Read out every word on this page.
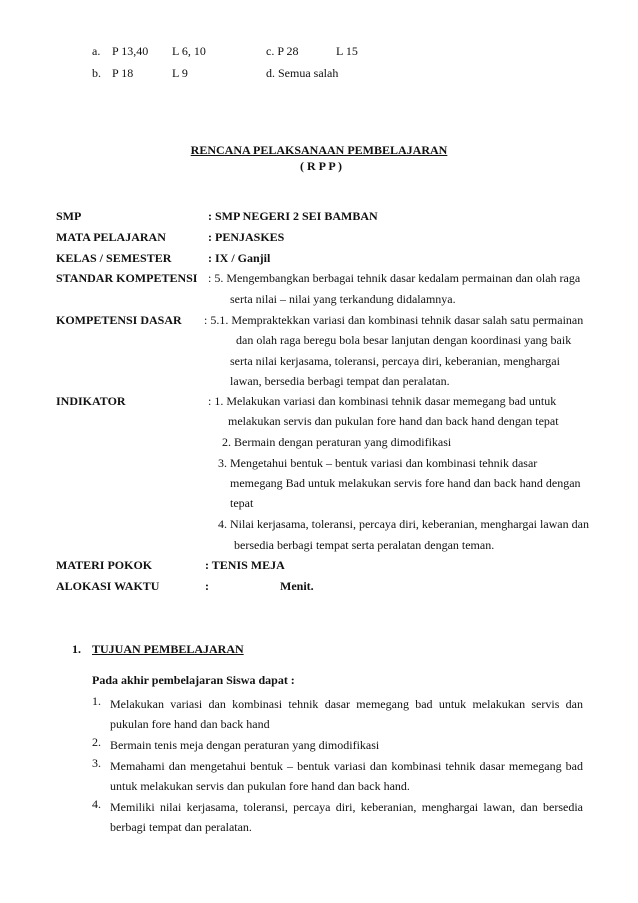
a. P 13,40 L 6, 10	c. P 28	L 15
b. P 18	L 9	d. Semua salah
RENCANA PELAKSANAAN PEMBELAJARAN
( R P P )
SMP	: SMP NEGERI 2 SEI BAMBAN
MATA PELAJARAN	: PENJASKES
KELAS / SEMESTER	: IX / Ganjil
STANDAR KOMPETENSI : 5. Mengembangkan berbagai tehnik dasar kedalam permainan dan olah raga
serta nilai – nilai yang terkandung didalamnya.
KOMPETENSI DASAR : 5.1. Mempraktekkan variasi dan kombinasi tehnik dasar salah satu permainan
dan olah raga beregu bola besar lanjutan dengan koordinasi yang baik
serta nilai kerjasama, toleransi, percaya diri, keberanian, menghargai
lawan, bersedia berbagi tempat dan peralatan.
INDIKATOR	: 1. Melakukan variasi dan kombinasi tehnik dasar memegang bad untuk
melakukan servis dan pukulan fore hand dan back hand dengan tepat
2. Bermain dengan peraturan yang dimodifikasi
3. Mengetahui bentuk – bentuk variasi dan kombinasi tehnik dasar
memegang Bad untuk melakukan servis fore hand dan back hand dengan
tepat
4. Nilai kerjasama, toleransi, percaya diri, keberanian, menghargai lawan dan
bersedia berbagi tempat serta peralatan dengan teman.
MATERI POKOK	: TENIS MEJA
ALOKASI WAKTU	:	Menit.
1. TUJUAN PEMBELAJARAN
Pada akhir pembelajaran Siswa dapat :
1. Melakukan variasi dan kombinasi tehnik dasar memegang bad untuk melakukan servis dan pukulan fore hand dan back hand
2. Bermain tenis meja dengan peraturan yang dimodifikasi
3. Memahami dan mengetahui bentuk – bentuk variasi dan kombinasi tehnik dasar memegang bad untuk melakukan servis dan pukulan fore hand dan back hand.
4. Memiliki nilai kerjasama, toleransi, percaya diri, keberanian, menghargai lawan, dan bersedia berbagi tempat dan peralatan.
